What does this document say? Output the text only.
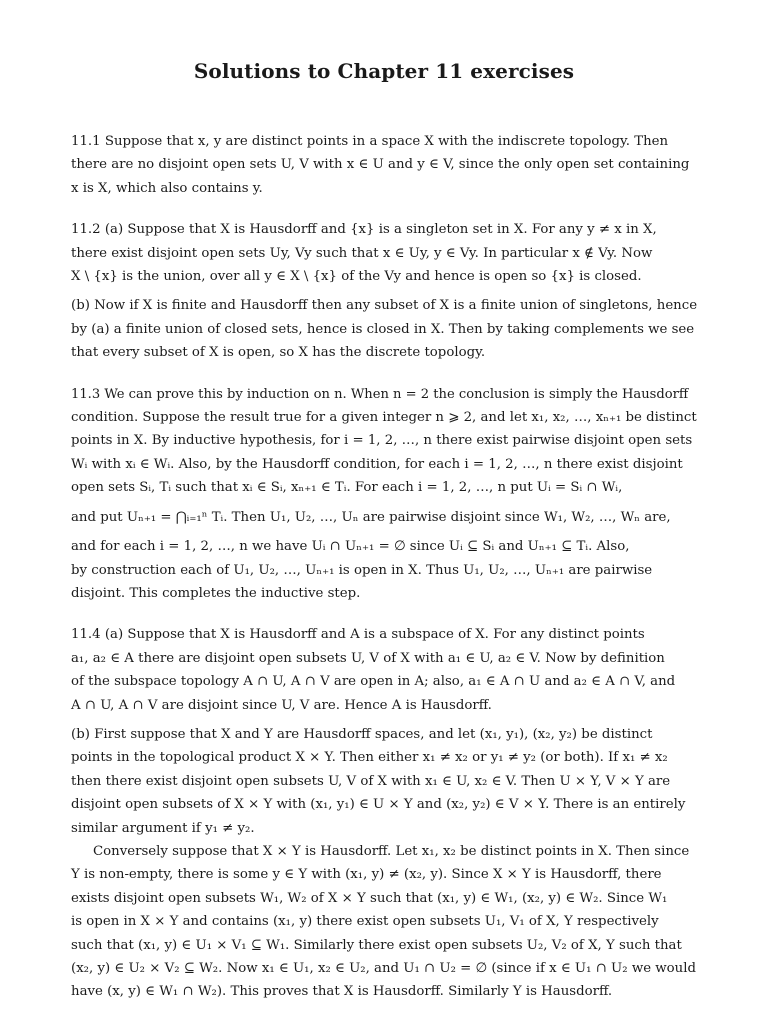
Solutions to Chapter 11 exercises
11.1 Suppose that x, y are distinct points in a space X with the indiscrete topology. Then
there are no disjoint open sets U, V with x ∈ U and y ∈ V, since the only open set containing
x is X, which also contains y.
11.2 (a) Suppose that X is Hausdorff and {x} is a singleton set in X. For any y ≠ x in X,
there exist disjoint open sets Uy, Vy such that x ∈ Uy, y ∈ Vy. In particular x ∉ Vy. Now
X \ {x} is the union, over all y ∈ X \ {x} of the Vy and hence is open so {x} is closed.
(b) Now if X is finite and Hausdorff then any subset of X is a finite union of singletons, hence
by (a) a finite union of closed sets, hence is closed in X. Then by taking complements we see
that every subset of X is open, so X has the discrete topology.
11.3 We can prove this by induction on n. When n = 2 the conclusion is simply the Hausdorff
condition. Suppose the result true for a given integer n ⩾ 2, and let x₁, x₂, …, xₙ₊₁ be distinct
points in X. By inductive hypothesis, for i = 1, 2, …, n there exist pairwise disjoint open sets
Wᵢ with xᵢ ∈ Wᵢ. Also, by the Hausdorff condition, for each i = 1, 2, …, n there exist disjoint
open sets Sᵢ, Tᵢ such that xᵢ ∈ Sᵢ, xₙ₊₁ ∈ Tᵢ. For each i = 1, 2, …, n put Uᵢ = Sᵢ ∩ Wᵢ,
and put Uₙ₊₁ = ⋂ᵢ₌₁ⁿ Tᵢ. Then U₁, U₂, …, Uₙ are pairwise disjoint since W₁, W₂, …, Wₙ are,
and for each i = 1, 2, …, n we have Uᵢ ∩ Uₙ₊₁ = ∅ since Uᵢ ⊆ Sᵢ and Uₙ₊₁ ⊆ Tᵢ. Also,
by construction each of U₁, U₂, …, Uₙ₊₁ is open in X. Thus U₁, U₂, …, Uₙ₊₁ are pairwise
disjoint. This completes the inductive step.
11.4 (a) Suppose that X is Hausdorff and A is a subspace of X. For any distinct points
a₁, a₂ ∈ A there are disjoint open subsets U, V of X with a₁ ∈ U, a₂ ∈ V. Now by definition
of the subspace topology A ∩ U, A ∩ V are open in A; also, a₁ ∈ A ∩ U and a₂ ∈ A ∩ V, and
A ∩ U, A ∩ V are disjoint since U, V are. Hence A is Hausdorff.
(b) First suppose that X and Y are Hausdorff spaces, and let (x₁, y₁), (x₂, y₂) be distinct
points in the topological product X × Y. Then either x₁ ≠ x₂ or y₁ ≠ y₂ (or both). If x₁ ≠ x₂
then there exist disjoint open subsets U, V of X with x₁ ∈ U, x₂ ∈ V. Then U × Y, V × Y are
disjoint open subsets of X × Y with (x₁, y₁) ∈ U × Y and (x₂, y₂) ∈ V × Y. There is an entirely
similar argument if y₁ ≠ y₂.
Conversely suppose that X × Y is Hausdorff. Let x₁, x₂ be distinct points in X. Then since
Y is non-empty, there is some y ∈ Y with (x₁, y) ≠ (x₂, y). Since X × Y is Hausdorff, there
exists disjoint open subsets W₁, W₂ of X × Y such that (x₁, y) ∈ W₁, (x₂, y) ∈ W₂. Since W₁
is open in X × Y and contains (x₁, y) there exist open subsets U₁, V₁ of X, Y respectively
such that (x₁, y) ∈ U₁ × V₁ ⊆ W₁. Similarly there exist open subsets U₂, V₂ of X, Y such that
(x₂, y) ∈ U₂ × V₂ ⊆ W₂. Now x₁ ∈ U₁, x₂ ∈ U₂, and U₁ ∩ U₂ = ∅ (since if x ∈ U₁ ∩ U₂ we would
have (x, y) ∈ W₁ ∩ W₂). This proves that X is Hausdorff. Similarly Y is Hausdorff.
